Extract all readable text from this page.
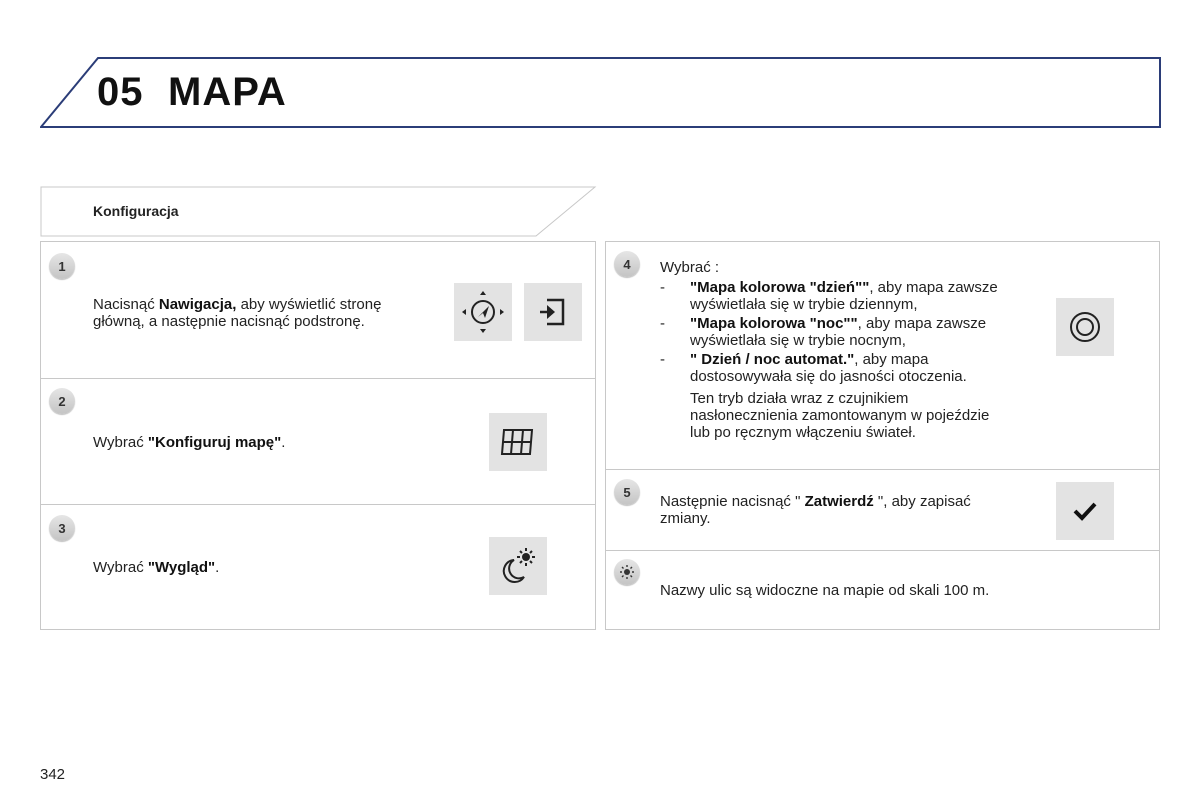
05 MAPA
Konfiguracja
1
Nacisnąć Nawigacja, aby wyświetlić stronę główną, a następnie nacisnąć podstronę.
2
Wybrać "Konfiguruj mapę".
3
Wybrać "Wygląd".
4	Wybrać :
- "Mapa kolorowa "dzień"", aby mapa zawsze wyświetlała się w trybie dziennym,
- "Mapa kolorowa "noc"", aby mapa zawsze wyświetlała się w trybie nocnym,
- " Dzień / noc automat.", aby mapa dostosowywała się do jasności otoczenia.
Ten tryb działa wraz z czujnikiem nasłonecznienia zamontowanym w pojeździe lub po ręcznym włączeniu świateł.
5
Następnie nacisnąć " Zatwierdź ", aby zapisać zmiany.
Nazwy ulic są widoczne na mapie od skali 100 m.
342
